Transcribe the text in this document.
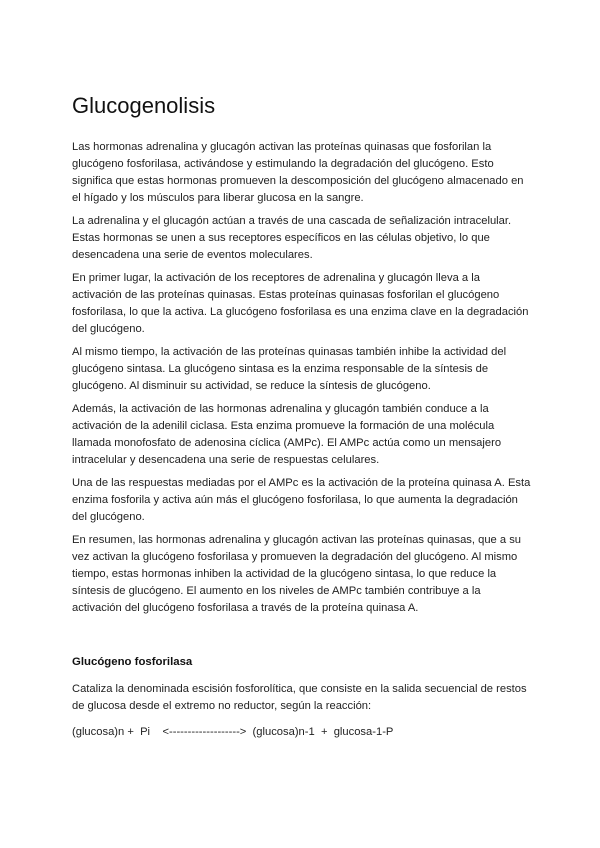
Glucogenolisis

Las hormonas adrenalina y glucagón activan las proteínas quinasas que fosforilan la glucógeno fosforilasa, activándose y estimulando la degradación del glucógeno. Esto significa que estas hormonas promueven la descomposición del glucógeno almacenado en el hígado y los músculos para liberar glucosa en la sangre.

La adrenalina y el glucagón actúan a través de una cascada de señalización intracelular. Estas hormonas se unen a sus receptores específicos en las células objetivo, lo que desencadena una serie de eventos moleculares.

En primer lugar, la activación de los receptores de adrenalina y glucagón lleva a la activación de las proteínas quinasas. Estas proteínas quinasas fosforilan el glucógeno fosforilasa, lo que la activa. La glucógeno fosforilasa es una enzima clave en la degradación del glucógeno.

Al mismo tiempo, la activación de las proteínas quinasas también inhibe la actividad del glucógeno sintasa. La glucógeno sintasa es la enzima responsable de la síntesis de glucógeno. Al disminuir su actividad, se reduce la síntesis de glucógeno.

Además, la activación de las hormonas adrenalina y glucagón también conduce a la activación de la adenilil ciclasa. Esta enzima promueve la formación de una molécula llamada monofosfato de adenosina cíclica (AMPc). El AMPc actúa como un mensajero intracelular y desencadena una serie de respuestas celulares.

Una de las respuestas mediadas por el AMPc es la activación de la proteína quinasa A. Esta enzima fosforila y activa aún más el glucógeno fosforilasa, lo que aumenta la degradación del glucógeno.

En resumen, las hormonas adrenalina y glucagón activan las proteínas quinasas, que a su vez activan la glucógeno fosforilasa y promueven la degradación del glucógeno. Al mismo tiempo, estas hormonas inhiben la actividad de la glucógeno sintasa, lo que reduce la síntesis de glucógeno. El aumento en los niveles de AMPc también contribuye a la activación del glucógeno fosforilasa a través de la proteína quinasa A.

Glucógeno fosforilasa

Cataliza la denominada escisión fosforolítica, que consiste en la salida secuencial de restos de glucosa desde el extremo no reductor, según la reacción:

(glucosa)n +  Pi    <------------------->  (glucosa)n-1  +  glucosa-1-P
